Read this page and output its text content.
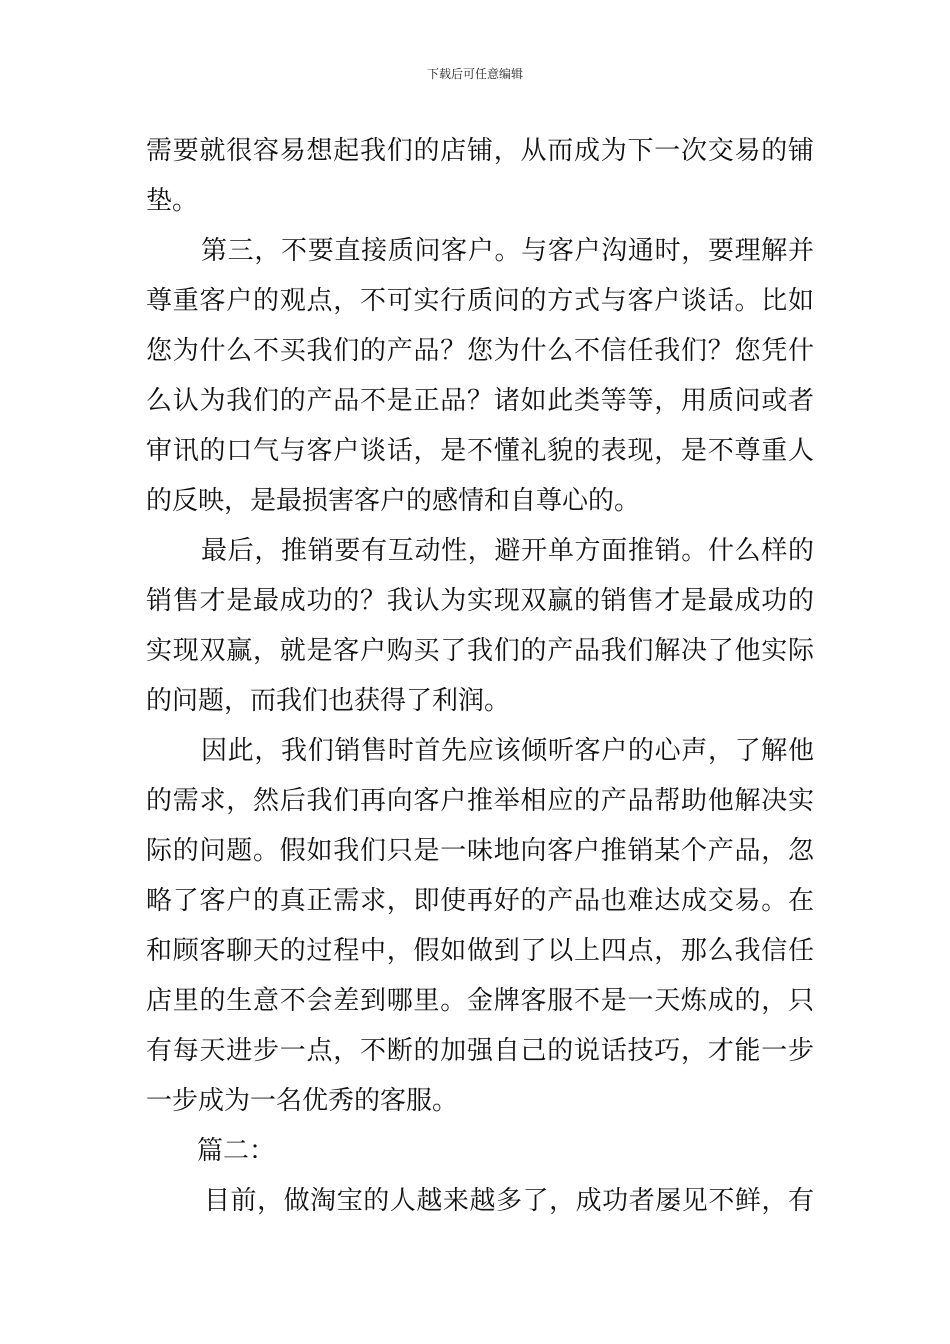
下载后可任意编辑
需要就很容易想起我们的店铺，从而成为下一次交易的铺
垫。
第三，不要直接质问客户。与客户沟通时，要理解并
尊重客户的观点，不可实行质问的方式与客户谈话。比如
您为什么不买我们的产品？您为什么不信任我们？您凭什
么认为我们的产品不是正品？诸如此类等等，用质问或者
审讯的口气与客户谈话，是不懂礼貌的表现，是不尊重人
的反映，是最损害客户的感情和自尊心的。
最后，推销要有互动性，避开单方面推销。什么样的
销售才是最成功的？我认为实现双赢的销售才是最成功的
实现双赢，就是客户购买了我们的产品我们解决了他实际
的问题，而我们也获得了利润。
因此，我们销售时首先应该倾听客户的心声，了解他
的需求，然后我们再向客户推举相应的产品帮助他解决实
际的问题。假如我们只是一味地向客户推销某个产品，忽
略了客户的真正需求，即使再好的产品也难达成交易。在
和顾客聊天的过程中，假如做到了以上四点，那么我信任
店里的生意不会差到哪里。金牌客服不是一天炼成的，只
有每天进步一点，不断的加强自己的说话技巧，才能一步
一步成为一名优秀的客服。
篇二：
目前，做淘宝的人越来越多了，成功者屡见不鲜，有
